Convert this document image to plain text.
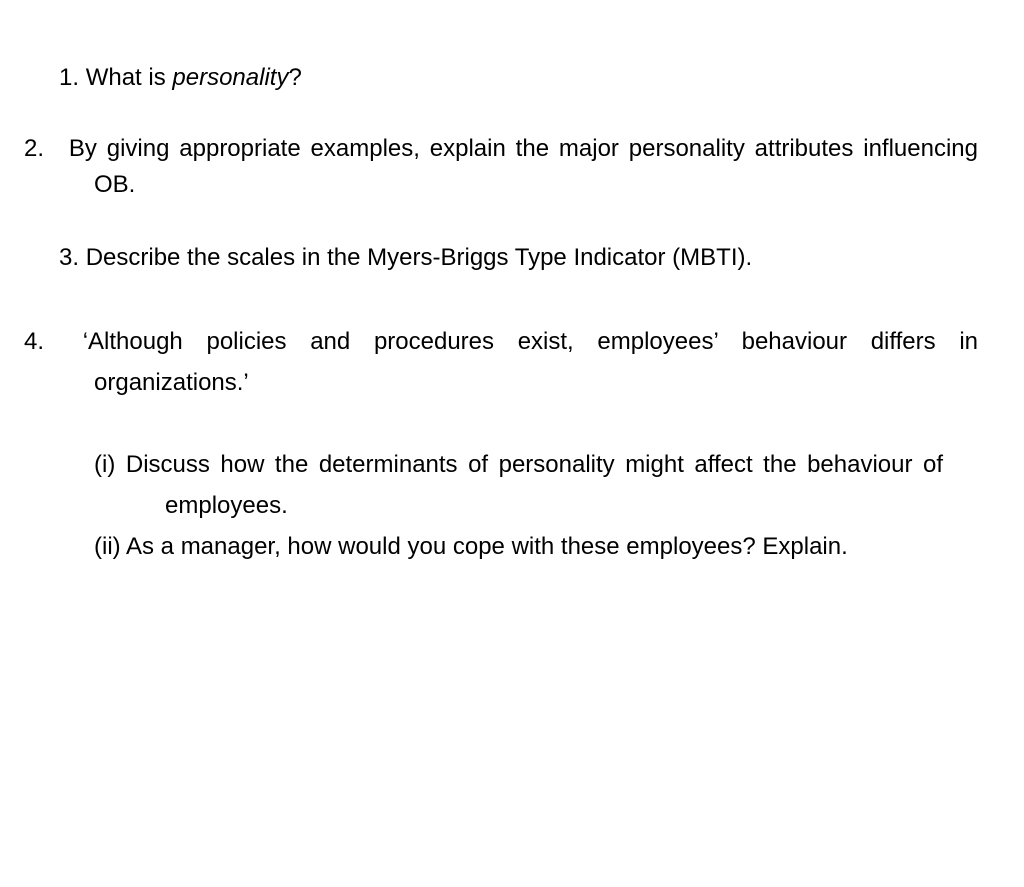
1. What is personality?
2. By giving appropriate examples, explain the major personality attributes influencing OB.
3. Describe the scales in the Myers-Briggs Type Indicator (MBTI).
4. ‘Although policies and procedures exist, employees’ behaviour differs in organizations.’
(i) Discuss how the determinants of personality might affect the behaviour of employees.
(ii) As a manager, how would you cope with these employees? Explain.
